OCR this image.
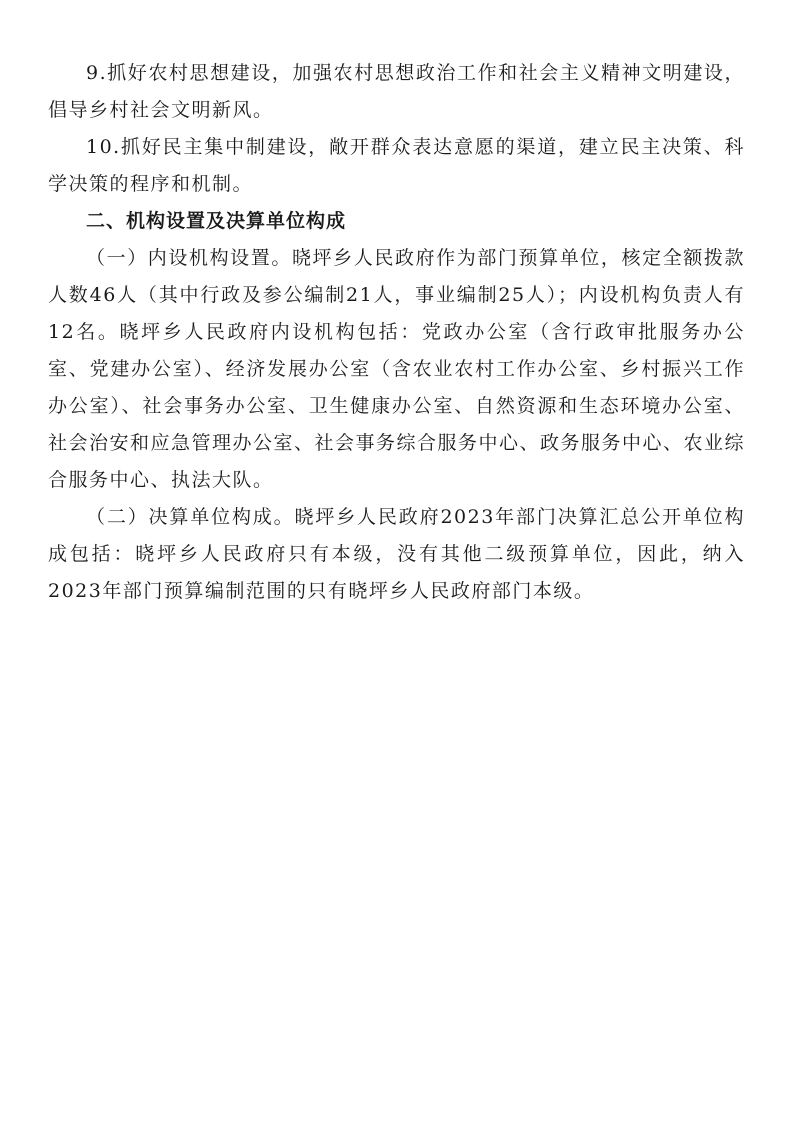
9.抓好农村思想建设，加强农村思想政治工作和社会主义精神文明建设，倡导乡村社会文明新风。

10.抓好民主集中制建设，敞开群众表达意愿的渠道，建立民主决策、科学决策的程序和机制。

二、机构设置及决算单位构成

（一）内设机构设置。晓坪乡人民政府作为部门预算单位，核定全额拨款人数46人（其中行政及参公编制21人，事业编制25人）；内设机构负责人有12名。晓坪乡人民政府内设机构包括：党政办公室（含行政审批服务办公室、党建办公室）、经济发展办公室（含农业农村工作办公室、乡村振兴工作办公室）、社会事务办公室、卫生健康办公室、自然资源和生态环境办公室、社会治安和应急管理办公室、社会事务综合服务中心、政务服务中心、农业综合服务中心、执法大队。

（二）决算单位构成。晓坪乡人民政府2023年部门决算汇总公开单位构成包括：晓坪乡人民政府只有本级，没有其他二级预算单位，因此，纳入2023年部门预算编制范围的只有晓坪乡人民政府部门本级。
